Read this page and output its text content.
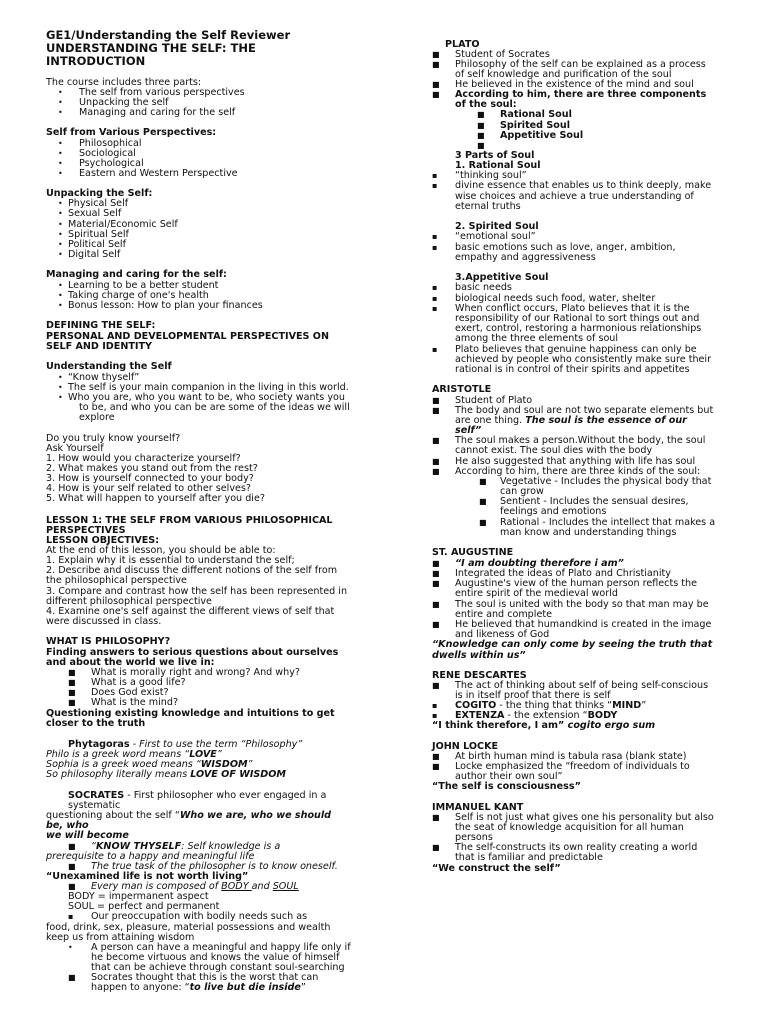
GE1/Understanding the Self Reviewer
UNDERSTANDING THE SELF: THE
INTRODUCTION
The course includes three parts:
• The self from various perspectives
• Unpacking the self
• Managing and caring for the self
Self from Various Perspectives:
• Philosophical
• Sociological
• Psychological
• Eastern and Western Perspective
Unpacking the Self:
• Physical Self
• Sexual Self
• Material/Economic Self
• Spiritual Self
• Political Self
• Digital Self
Managing and caring for the self:
• Learning to be a better student
• Taking charge of one's health
• Bonus lesson: How to plan your finances
DEFINING THE SELF:
PERSONAL AND DEVELOPMENTAL PERSPECTIVES ON
SELF AND IDENTITY
Understanding the Self
• “Know thyself”
• The self is your main companion in the living in this world.
• Who you are, who you want to be, who society wants you
to be, and who you can be are some of the ideas we will
explore
Do you truly know yourself?
Ask Yourself
1. How would you characterize yourself?
2. What makes you stand out from the rest?
3. How is yourself connected to your body?
4. How is your self related to other selves?
5. What will happen to yourself after you die?
LESSON 1: THE SELF FROM VARIOUS PHILOSOPHICAL
PERSPECTIVES
LESSON OBJECTIVES:
At the end of this lesson, you should be able to:
1. Explain why it is essential to understand the self;
2. Describe and discuss the different notions of the self from
the philosophical perspective
3. Compare and contrast how the self has been represented in
different philosophical perspective
4. Examine one's self against the different views of self that
were discussed in class.
WHAT IS PHILOSOPHY?
Finding answers to serious questions about ourselves
and about the world we live in:
■ What is morally right and wrong? And why?
■ What is a good life?
■ Does God exist?
■ What is the mind?
Questioning existing knowledge and intuitions to get
closer to the truth
Phytagoras - First to use the term “Philosophy”
Philo is a greek word means “LOVE”
Sophia is a greek woed means “WISDOM”
So philosophy literally means LOVE OF WISDOM
SOCRATES - First philosopher who ever engaged in a
systematic
questioning about the self “Who we are, who we should
be, who
we will become
■ “KNOW THYSELF: Self knowledge is a
prerequisite to a happy and meaningful life
■ The true task of the philosopher is to know oneself.
“Unexamined life is not worth living”
■ Every man is composed of BODY and SOUL
BODY = impermanent aspect
SOUL = perfect and permanent
▪ Our preoccupation with bodily needs such as
food, drink, sex, pleasure, material possessions and wealth
keep us from attaining wisdom
• A person can have a meaningful and happy life only if
he become virtuous and knows the value of himself
that can be achieve through constant soul-searching
■ Socrates thought that this is the worst that can
happen to anyone: “to live but die inside”
PLATO
■ Student of Socrates
■ Philosophy of the self can be explained as a process
of self knowledge and purification of the soul
■ He believed in the existence of the mind and soul
■ According to him, there are three components
of the soul:
■ Rational Soul
■ Spirited Soul
■ Appetitive Soul
■
3 Parts of Soul
1. Rational Soul
▪ “thinking soul”
▪ divine essence that enables us to think deeply, make
wise choices and achieve a true understanding of
eternal truths
2. Spirited Soul
▪ “emotional soul”
▪ basic emotions such as love, anger, ambition,
empathy and aggressiveness
3.Appetitive Soul
▪ basic needs
▪ biological needs such food, water, shelter
▪ When conflict occurs, Plato believes that it is the
responsibility of our Rational to sort things out and
exert, control, restoring a harmonious relationships
among the three elements of soul
▪ Plato believes that genuine happiness can only be
achieved by people who consistently make sure their
rational is in control of their spirits and appetites
ARISTOTLE
■ Student of Plato
■ The body and soul are not two separate elements but
are one thing. The soul is the essence of our
self”
■ The soul makes a person.Without the body, the soul
cannot exist. The soul dies with the body
■ He also suggested that anything with life has soul
■ According to him, there are three kinds of the soul:
■ Vegetative - Includes the physical body that
can grow
■ Sentient - Includes the sensual desires,
feelings and emotions
■ Rational - Includes the intellect that makes a
man know and understanding things
ST. AUGUSTINE
■ “I am doubting therefore i am”
■ Integrated the ideas of Plato and Christianity
■ Augustine's view of the human person reflects the
entire spirit of the medieval world
■ The soul is united with the body so that man may be
entire and complete
■ He believed that humandkind is created in the image
and likeness of God
“Knowledge can only come by seeing the truth that
dwells within us”
RENE DESCARTES
■ The act of thinking about self of being self-conscious
is in itself proof that there is self
▪ COGITO - the thing that thinks “MIND”
▪ EXTENZA - the extension “BODY
“I think therefore, I am” cogito ergo sum
JOHN LOCKE
■ At birth human mind is tabula rasa (blank state)
■ Locke emphasized the “freedom of individuals to
author their own soul”
“The self is consciousness”
IMMANUEL KANT
■ Self is not just what gives one his personality but also
the seat of knowledge acquisition for all human
persons
■ The self-constructs its own reality creating a world
that is familiar and predictable
“We construct the self”
